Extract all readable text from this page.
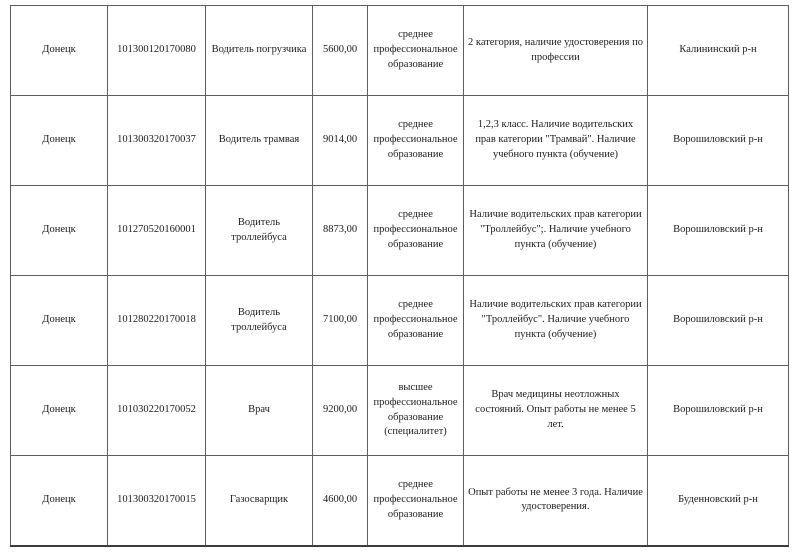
Донецк	101300120170080	Водитель погрузчика	5600,00	среднее профессиональное образование	2 категория, наличие удостоверения по профессии	Калининский р-н
Донецк	101300320170037	Водитель трамвая	9014,00	среднее профессиональное образование	1,2,3 класс. Наличие водительских прав категории "Трамвай". Наличие учебного пункта (обучение)	Ворошиловский р-н
Донецк	101270520160001	Водитель троллейбуса	8873,00	среднее профессиональное образование	Наличие водительских прав категории "Троллейбус";. Наличие учебного пункта (обучение)	Ворошиловский р-н
Донецк	101280220170018	Водитель троллейбуса	7100,00	среднее профессиональное образование	Наличие водительских прав категории "Троллейбус". Наличие учебного пункта (обучение)	Ворошиловский р-н
Донецк	101030220170052	Врач	9200,00	высшее профессиональное образование (специалитет)	Врач медицины неотложных состояний. Опыт работы не менее 5 лет.	Ворошиловский р-н
Донецк	101300320170015	Газосварщик	4600,00	среднее профессиональное образование	Опыт работы не менее 3 года. Наличие удостоверения.	Буденновский р-н
